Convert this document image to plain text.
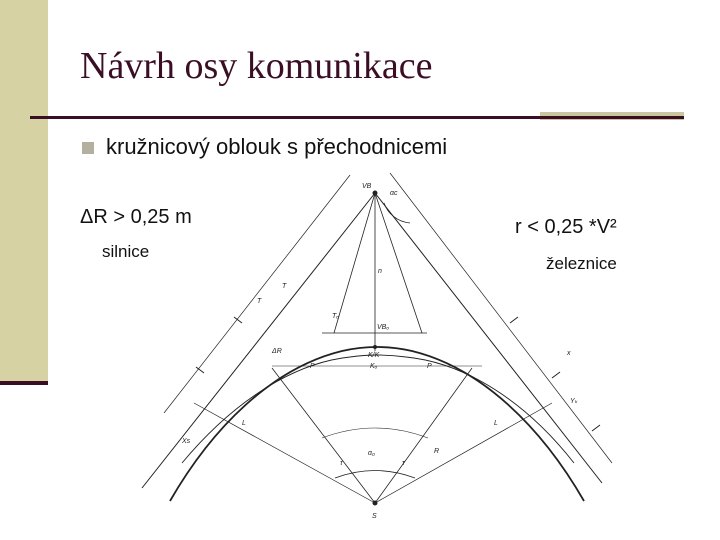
Návrh osy komunikace
kružnicový oblouk s přechodnicemi
VB
αc
n
T
T
VBₒ
Tₒ
K/K
P	P
Kₒ
R
ΔR	x
L	L
S
α₀
τ	τ
Yₖ
Xs
ΔR > 0,25 m
silnice
r < 0,25 *V²
železnice
